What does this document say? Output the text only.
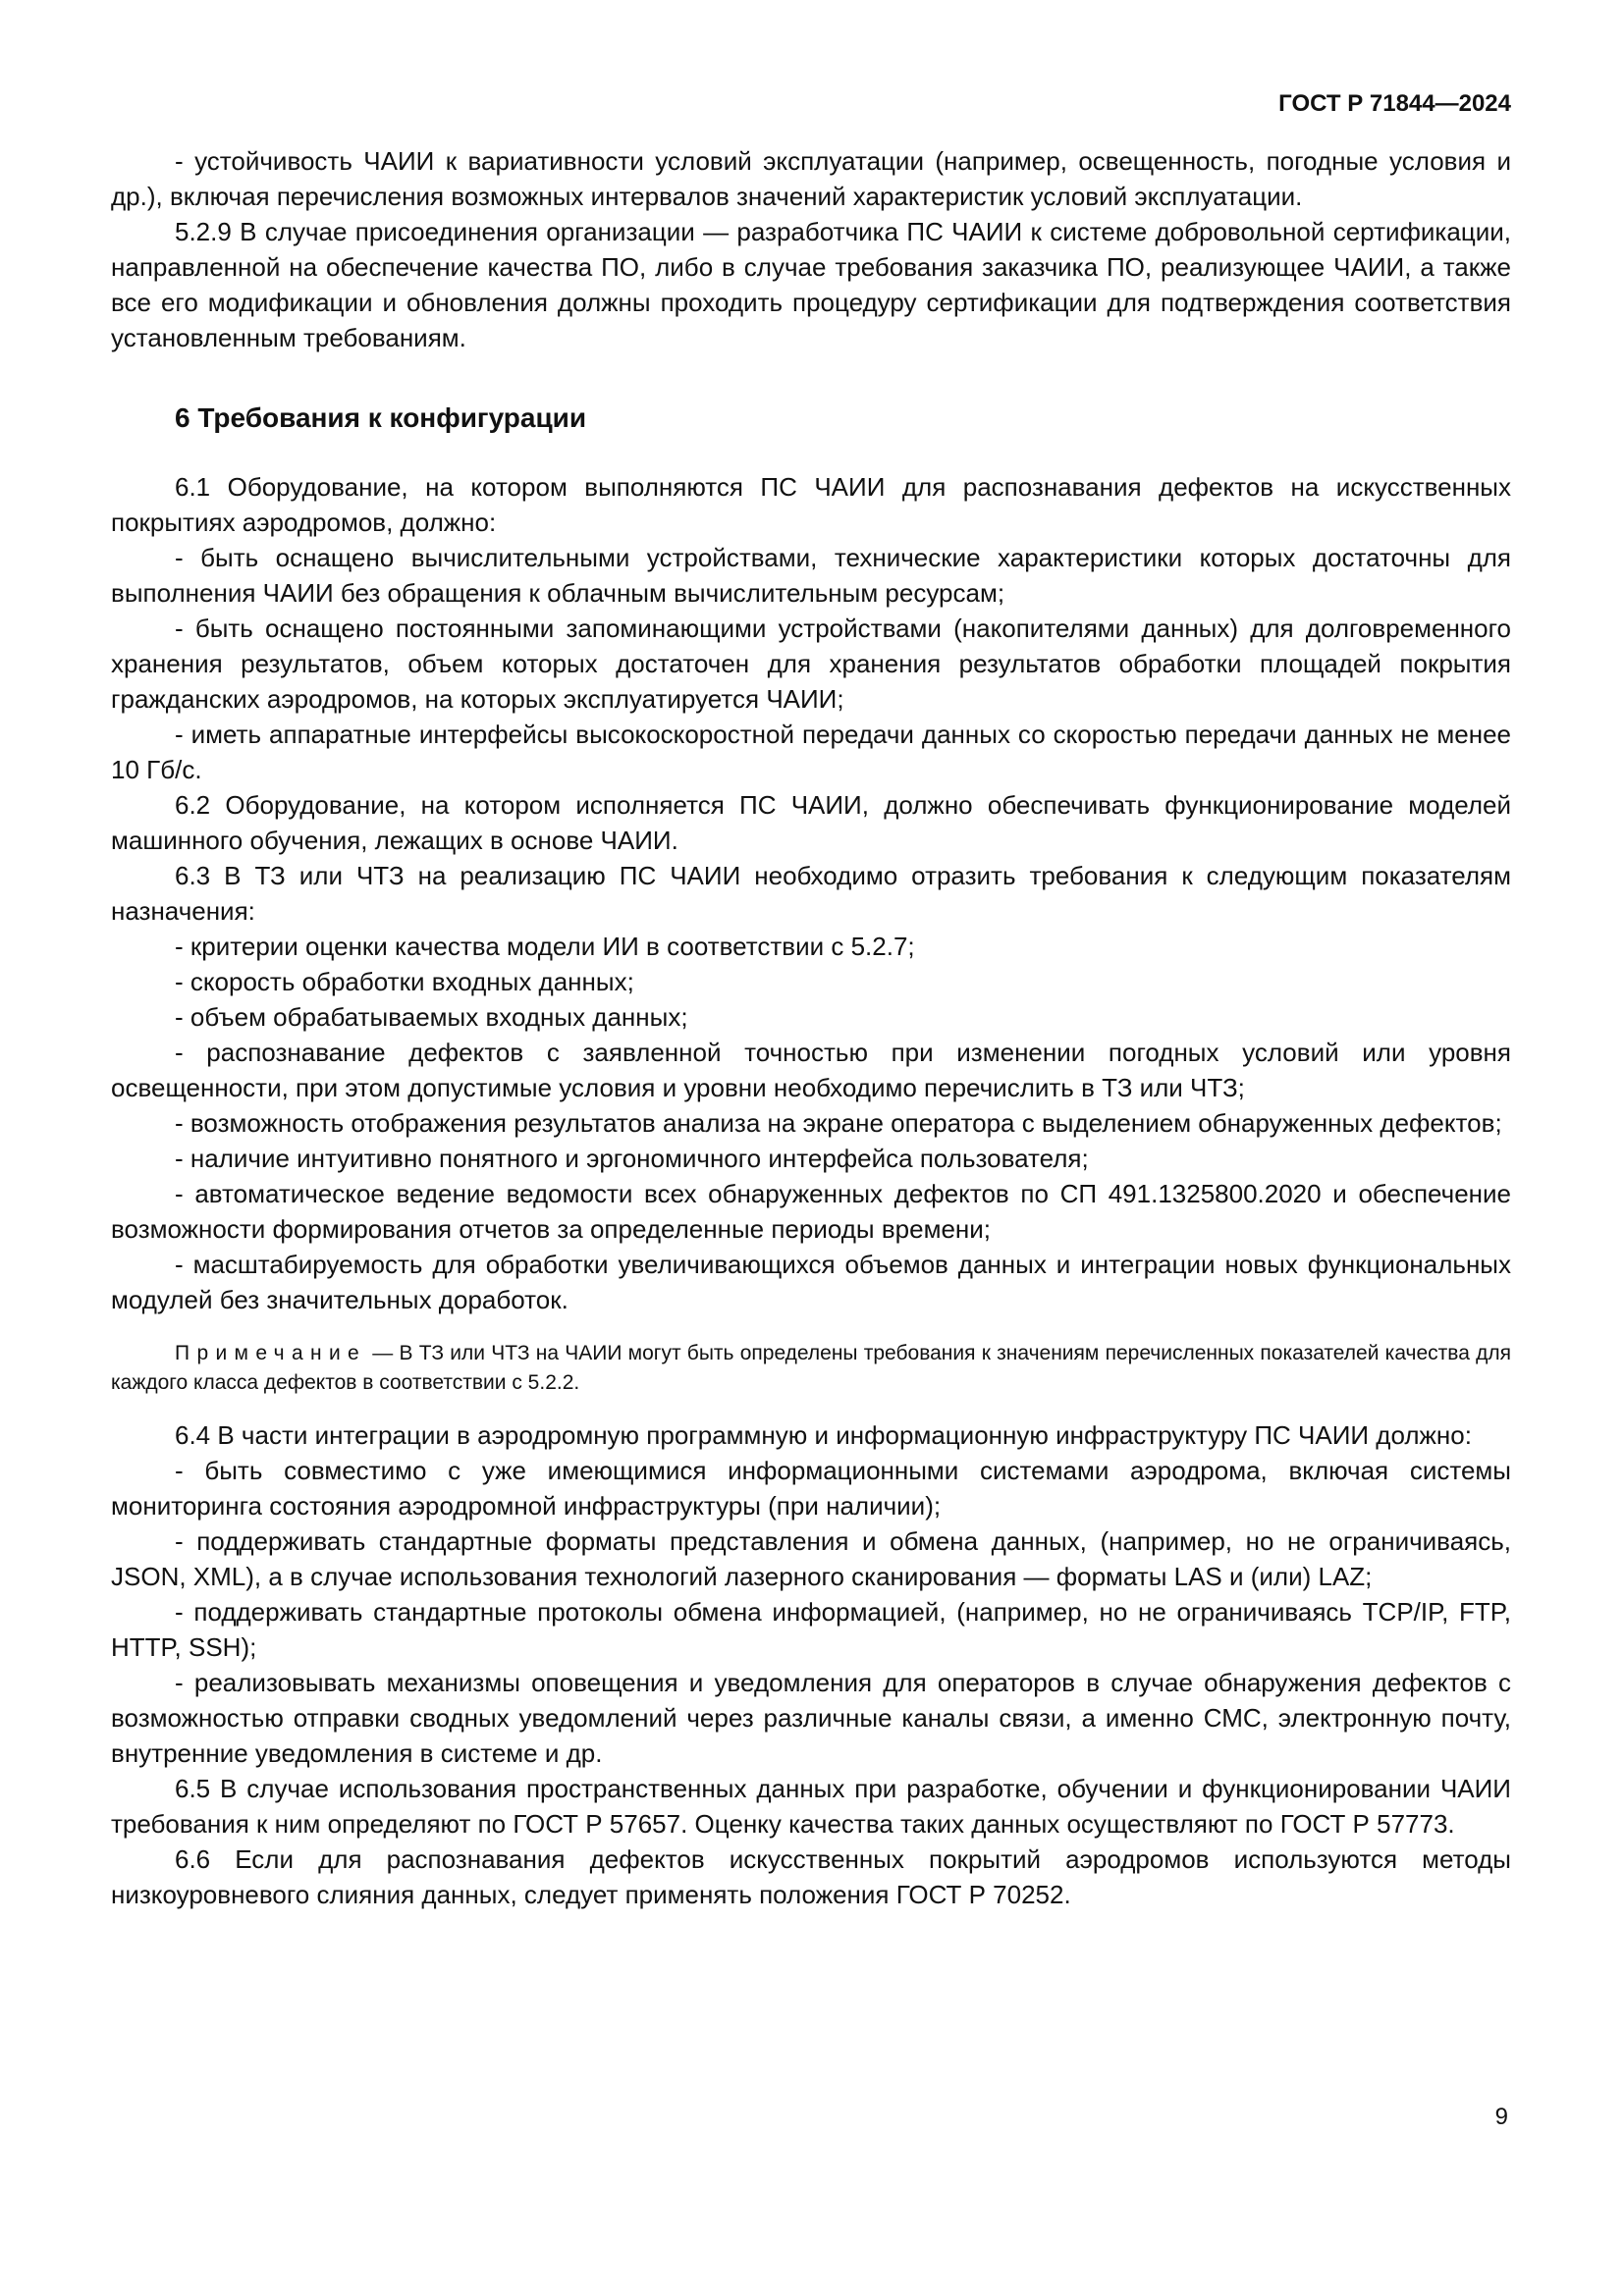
ГОСТ Р 71844—2024

- устойчивость ЧАИИ к вариативности условий эксплуатации (например, освещенность, погодные условия и др.), включая перечисления возможных интервалов значений характеристик условий эксплуатации.

5.2.9 В случае присоединения организации — разработчика ПС ЧАИИ к системе добровольной сертификации, направленной на обеспечение качества ПО, либо в случае требования заказчика ПО, реализующее ЧАИИ, а также все его модификации и обновления должны проходить процедуру сертификации для подтверждения соответствия установленным требованиям.

6 Требования к конфигурации

6.1 Оборудование, на котором выполняются ПС ЧАИИ для распознавания дефектов на искусственных покрытиях аэродромов, должно:

- быть оснащено вычислительными устройствами, технические характеристики которых достаточны для выполнения ЧАИИ без обращения к облачным вычислительным ресурсам;

- быть оснащено постоянными запоминающими устройствами (накопителями данных) для долговременного хранения результатов, объем которых достаточен для хранения результатов обработки площадей покрытия гражданских аэродромов, на которых эксплуатируется ЧАИИ;

- иметь аппаратные интерфейсы высокоскоростной передачи данных со скоростью передачи данных не менее 10 Гб/с.

6.2 Оборудование, на котором исполняется ПС ЧАИИ, должно обеспечивать функционирование моделей машинного обучения, лежащих в основе ЧАИИ.

6.3 В ТЗ или ЧТЗ на реализацию ПС ЧАИИ необходимо отразить требования к следующим показателям назначения:

- критерии оценки качества модели ИИ в соответствии с 5.2.7;

- скорость обработки входных данных;

- объем обрабатываемых входных данных;

- распознавание дефектов с заявленной точностью при изменении погодных условий или уровня освещенности, при этом допустимые условия и уровни необходимо перечислить в ТЗ или ЧТЗ;

- возможность отображения результатов анализа на экране оператора с выделением обнаруженных дефектов;

- наличие интуитивно понятного и эргономичного интерфейса пользователя;

- автоматическое ведение ведомости всех обнаруженных дефектов по СП 491.1325800.2020 и обеспечение возможности формирования отчетов за определенные периоды времени;

- масштабируемость для обработки увеличивающихся объемов данных и интеграции новых функциональных модулей без значительных доработок.

Примечание — В ТЗ или ЧТЗ на ЧАИИ могут быть определены требования к значениям перечисленных показателей качества для каждого класса дефектов в соответствии с 5.2.2.

6.4 В части интеграции в аэродромную программную и информационную инфраструктуру ПС ЧАИИ должно:

- быть совместимо с уже имеющимися информационными системами аэродрома, включая системы мониторинга состояния аэродромной инфраструктуры (при наличии);

- поддерживать стандартные форматы представления и обмена данных, (например, но не ограничиваясь, JSON, XML), а в случае использования технологий лазерного сканирования — форматы LAS и (или) LAZ;

- поддерживать стандартные протоколы обмена информацией, (например, но не ограничиваясь TCP/IP, FTP, HTTP, SSH);

- реализовывать механизмы оповещения и уведомления для операторов в случае обнаружения дефектов с возможностью отправки сводных уведомлений через различные каналы связи, а именно СМС, электронную почту, внутренние уведомления в системе и др.

6.5 В случае использования пространственных данных при разработке, обучении и функционировании ЧАИИ требования к ним определяют по ГОСТ Р 57657. Оценку качества таких данных осуществляют по ГОСТ Р 57773.

6.6 Если для распознавания дефектов искусственных покрытий аэродромов используются методы низкоуровневого слияния данных, следует применять положения ГОСТ Р 70252.

9
